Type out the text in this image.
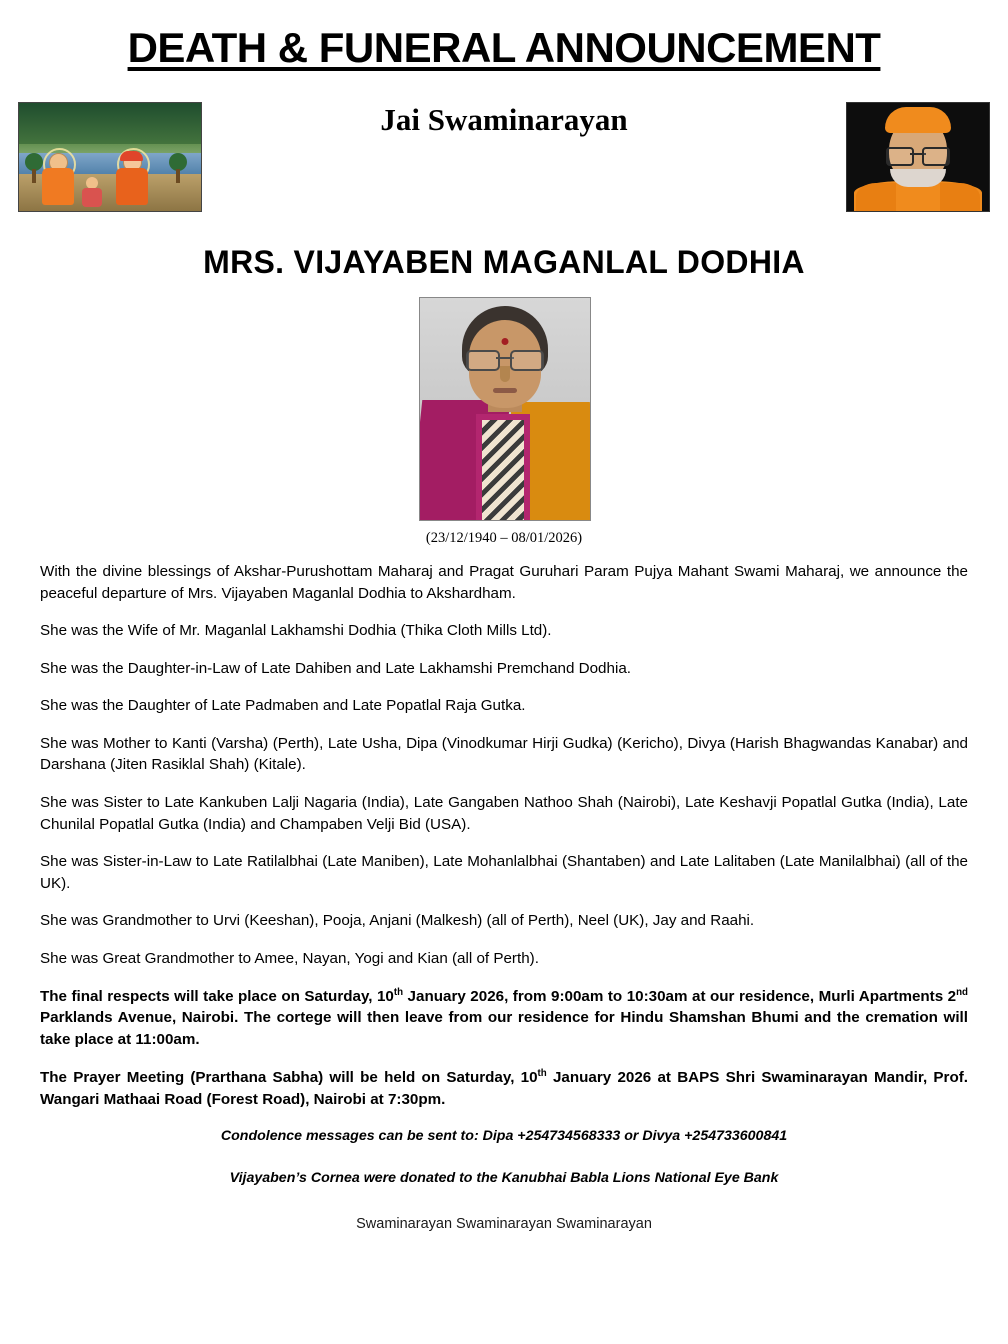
DEATH & FUNERAL ANNOUNCEMENT
Jai Swaminarayan
MRS. VIJAYABEN MAGANLAL DODHIA
(23/12/1940 – 08/01/2026)

With the divine blessings of Akshar-Purushottam Maharaj and Pragat Guruhari Param Pujya Mahant Swami Maharaj, we announce the peaceful departure of Mrs. Vijayaben Maganlal Dodhia to Akshardham.

She was the Wife of Mr. Maganlal Lakhamshi Dodhia (Thika Cloth Mills Ltd).

She was the Daughter-in-Law of Late Dahiben and Late Lakhamshi Premchand Dodhia.

She was the Daughter of Late Padmaben and Late Popatlal Raja Gutka.

She was Mother to Kanti (Varsha) (Perth), Late Usha, Dipa (Vinodkumar Hirji Gudka) (Kericho), Divya (Harish Bhagwandas Kanabar) and Darshana (Jiten Rasiklal Shah) (Kitale).

She was Sister to Late Kankuben Lalji Nagaria (India), Late Gangaben Nathoo Shah (Nairobi), Late Keshavji Popatlal Gutka (India), Late Chunilal Popatlal Gutka (India) and Champaben Velji Bid (USA).

She was Sister-in-Law to Late Ratilalbhai (Late Maniben), Late Mohanlalbhai (Shantaben) and Late Lalitaben (Late Manilalbhai) (all of the UK).

She was Grandmother to Urvi (Keeshan), Pooja, Anjani (Malkesh) (all of Perth), Neel (UK), Jay and Raahi.

She was Great Grandmother to Amee, Nayan, Yogi and Kian (all of Perth).

The final respects will take place on Saturday, 10th January 2026, from 9:00am to 10:30am at our residence, Murli Apartments 2nd Parklands Avenue, Nairobi. The cortege will then leave from our residence for Hindu Shamshan Bhumi and the cremation will take place at 11:00am.

The Prayer Meeting (Prarthana Sabha) will be held on Saturday, 10th January 2026 at BAPS Shri Swaminarayan Mandir, Prof. Wangari Mathaai Road (Forest Road), Nairobi at 7:30pm.

Condolence messages can be sent to: Dipa +254734568333 or Divya +254733600841
Vijayaben’s Cornea were donated to the Kanubhai Babla Lions National Eye Bank
Swaminarayan Swaminarayan Swaminarayan
